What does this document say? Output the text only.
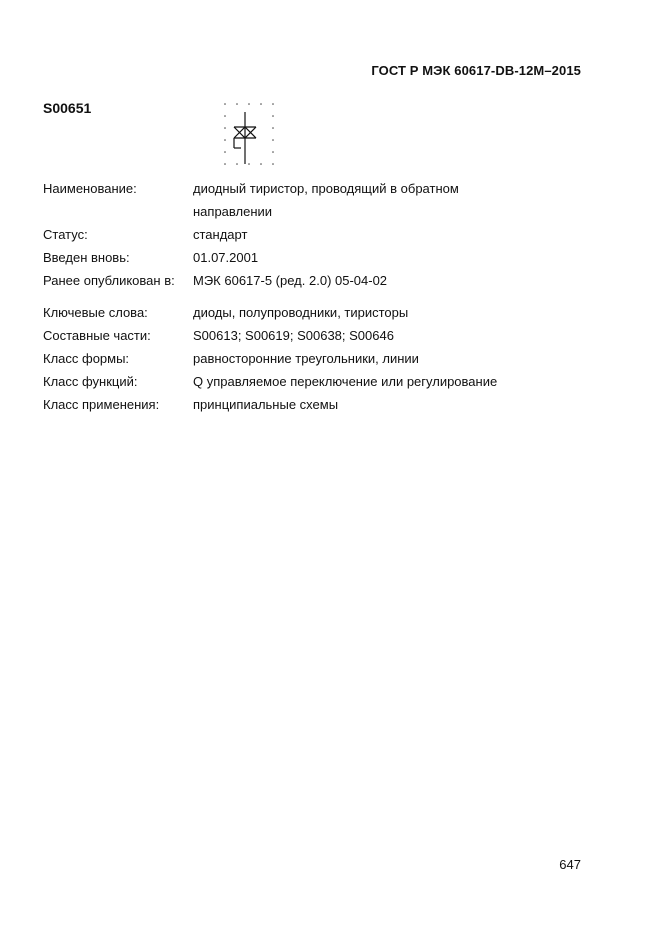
ГОСТ Р МЭК 60617-DB-12M–2015
S00651
Наименование:	диодный тиристор, проводящий в обратном
направлении
Статус:	стандарт
Введен вновь:	01.07.2001
Ранее опубликован в: МЭК 60617-5 (ред. 2.0) 05-04-02
Ключевые слова:	диоды, полупроводники, тиристоры
Составные части:	S00613; S00619; S00638; S00646
Класс формы:	равносторонние треугольники, линии
Класс функций:	Q управляемое переключение или регулирование
Класс применения:	принципиальные схемы
647
